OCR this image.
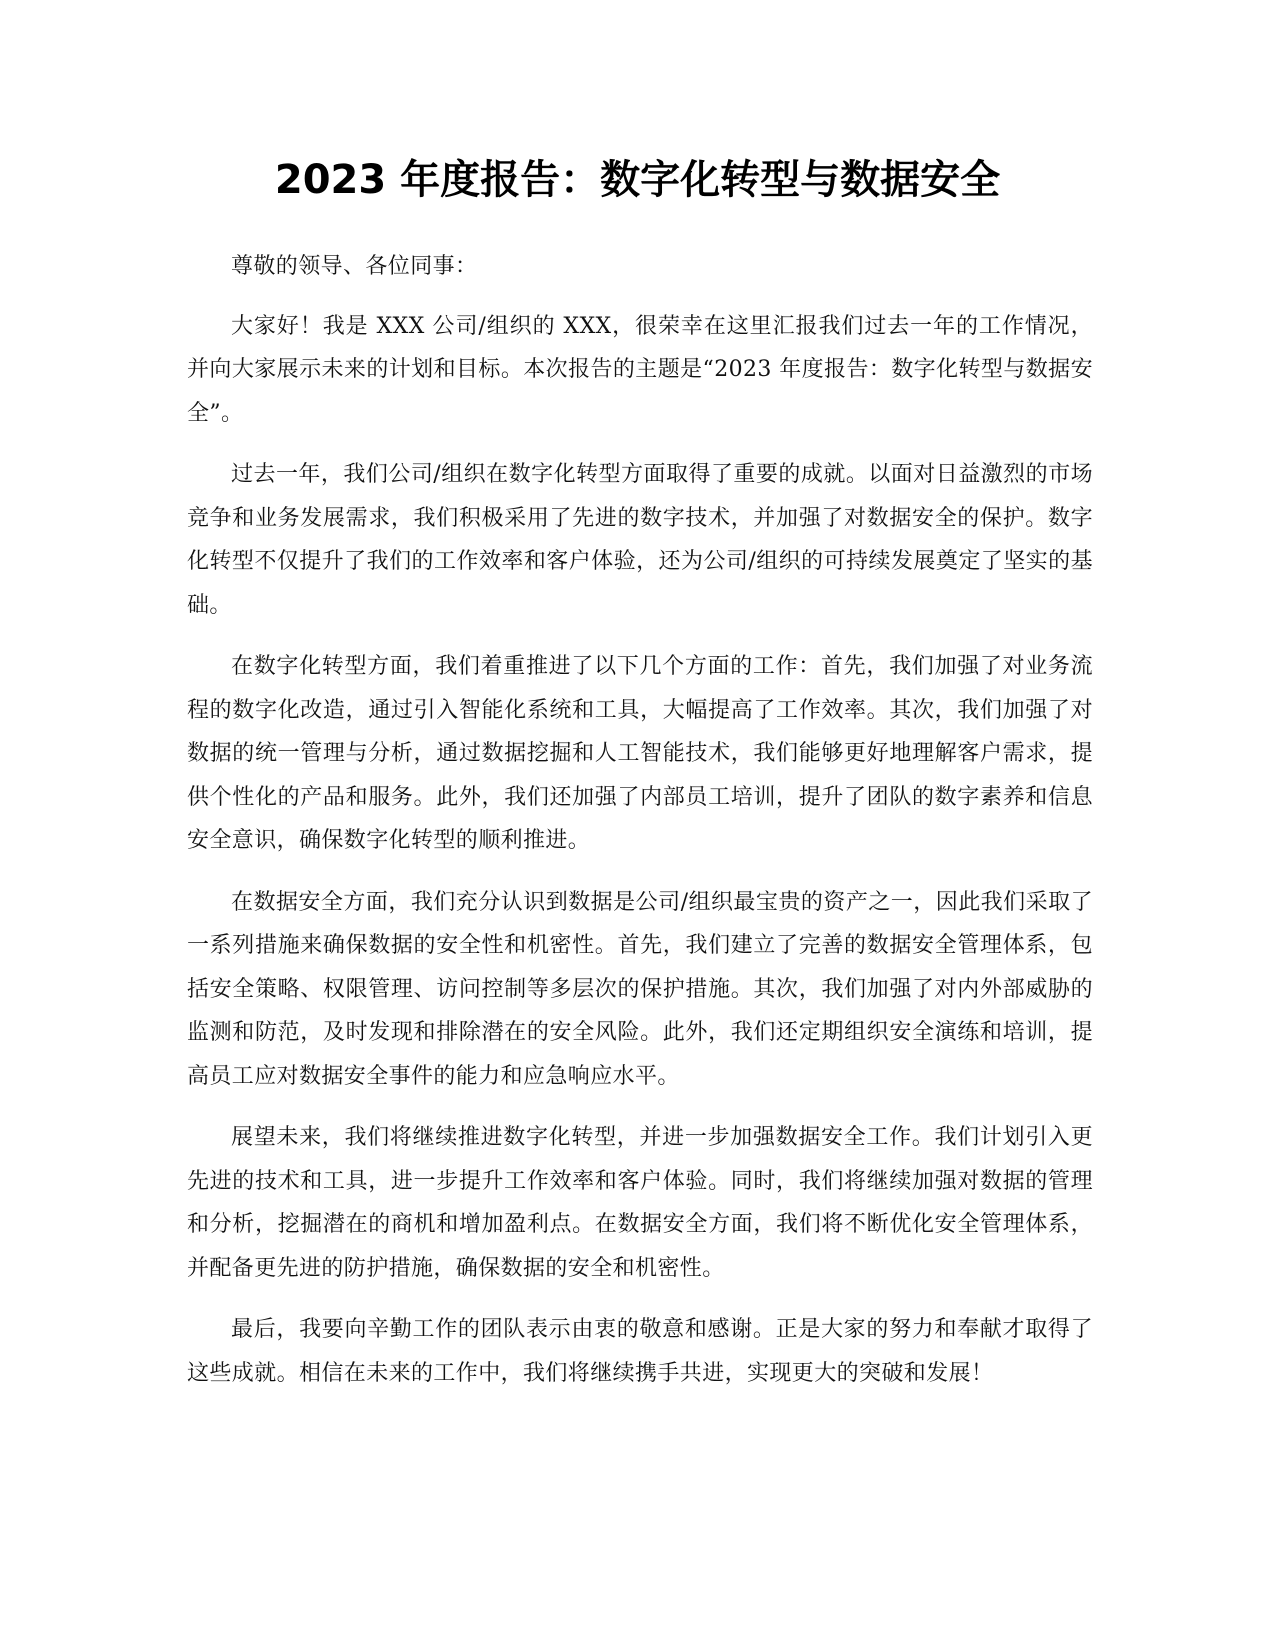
2023 年度报告：数字化转型与数据安全

尊敬的领导、各位同事：

大家好！我是 XXX 公司/组织的 XXX，很荣幸在这里汇报我们过去一年的工作情况，并向大家展示未来的计划和目标。本次报告的主题是“2023 年度报告：数字化转型与数据安全”。

过去一年，我们公司/组织在数字化转型方面取得了重要的成就。以面对日益激烈的市场竞争和业务发展需求，我们积极采用了先进的数字技术，并加强了对数据安全的保护。数字化转型不仅提升了我们的工作效率和客户体验，还为公司/组织的可持续发展奠定了坚实的基础。

在数字化转型方面，我们着重推进了以下几个方面的工作：首先，我们加强了对业务流程的数字化改造，通过引入智能化系统和工具，大幅提高了工作效率。其次，我们加强了对数据的统一管理与分析，通过数据挖掘和人工智能技术，我们能够更好地理解客户需求，提供个性化的产品和服务。此外，我们还加强了内部员工培训，提升了团队的数字素养和信息安全意识，确保数字化转型的顺利推进。

在数据安全方面，我们充分认识到数据是公司/组织最宝贵的资产之一，因此我们采取了一系列措施来确保数据的安全性和机密性。首先，我们建立了完善的数据安全管理体系，包括安全策略、权限管理、访问控制等多层次的保护措施。其次，我们加强了对内外部威胁的监测和防范，及时发现和排除潜在的安全风险。此外，我们还定期组织安全演练和培训，提高员工应对数据安全事件的能力和应急响应水平。

展望未来，我们将继续推进数字化转型，并进一步加强数据安全工作。我们计划引入更先进的技术和工具，进一步提升工作效率和客户体验。同时，我们将继续加强对数据的管理和分析，挖掘潜在的商机和增加盈利点。在数据安全方面，我们将不断优化安全管理体系，并配备更先进的防护措施，确保数据的安全和机密性。

最后，我要向辛勤工作的团队表示由衷的敬意和感谢。正是大家的努力和奉献才取得了这些成就。相信在未来的工作中，我们将继续携手共进，实现更大的突破和发展！
